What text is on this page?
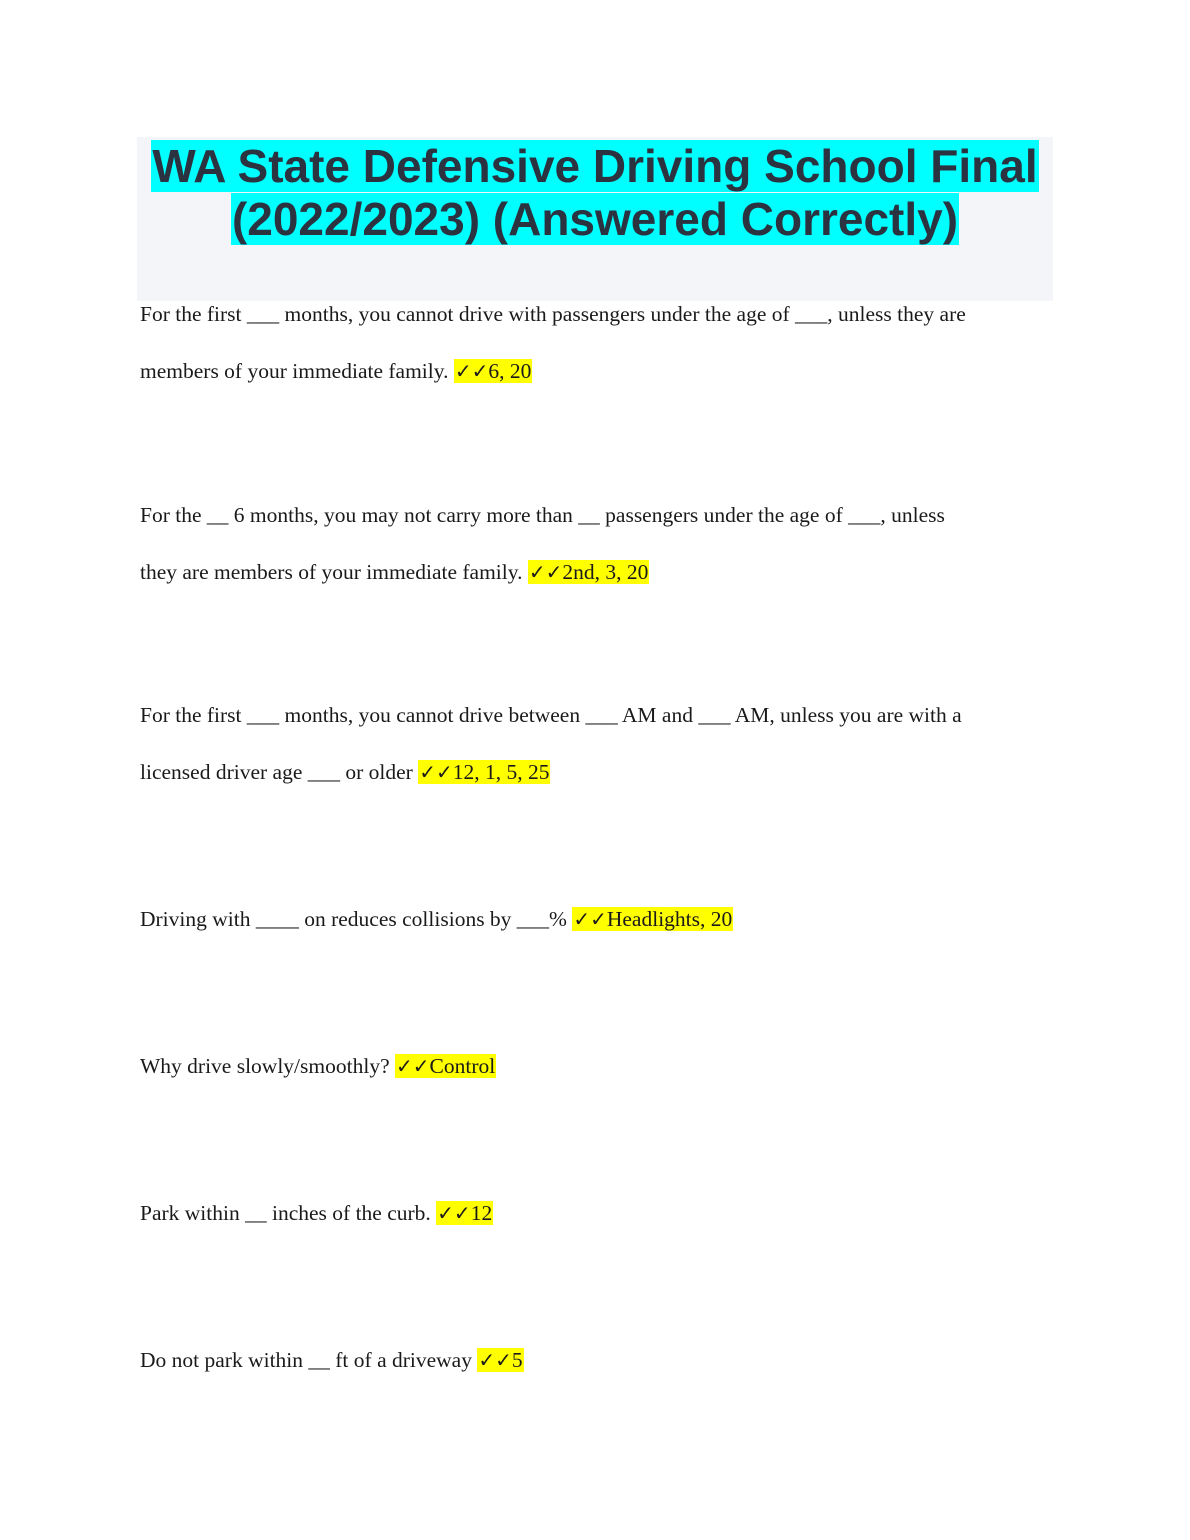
WA State Defensive Driving School Final
(2022/2023) (Answered Correctly)
For the first ___ months, you cannot drive with passengers under the age of ___, unless they are
members of your immediate family. ✓✓6, 20
For the __ 6 months, you may not carry more than __ passengers under the age of ___, unless
they are members of your immediate family. ✓✓2nd, 3, 20
For the first ___ months, you cannot drive between ___ AM and ___ AM, unless you are with a
licensed driver age ___ or older ✓✓12, 1, 5, 25
Driving with ____ on reduces collisions by ___% ✓✓Headlights, 20
Why drive slowly/smoothly? ✓✓Control
Park within __ inches of the curb. ✓✓12
Do not park within __ ft of a driveway ✓✓5
